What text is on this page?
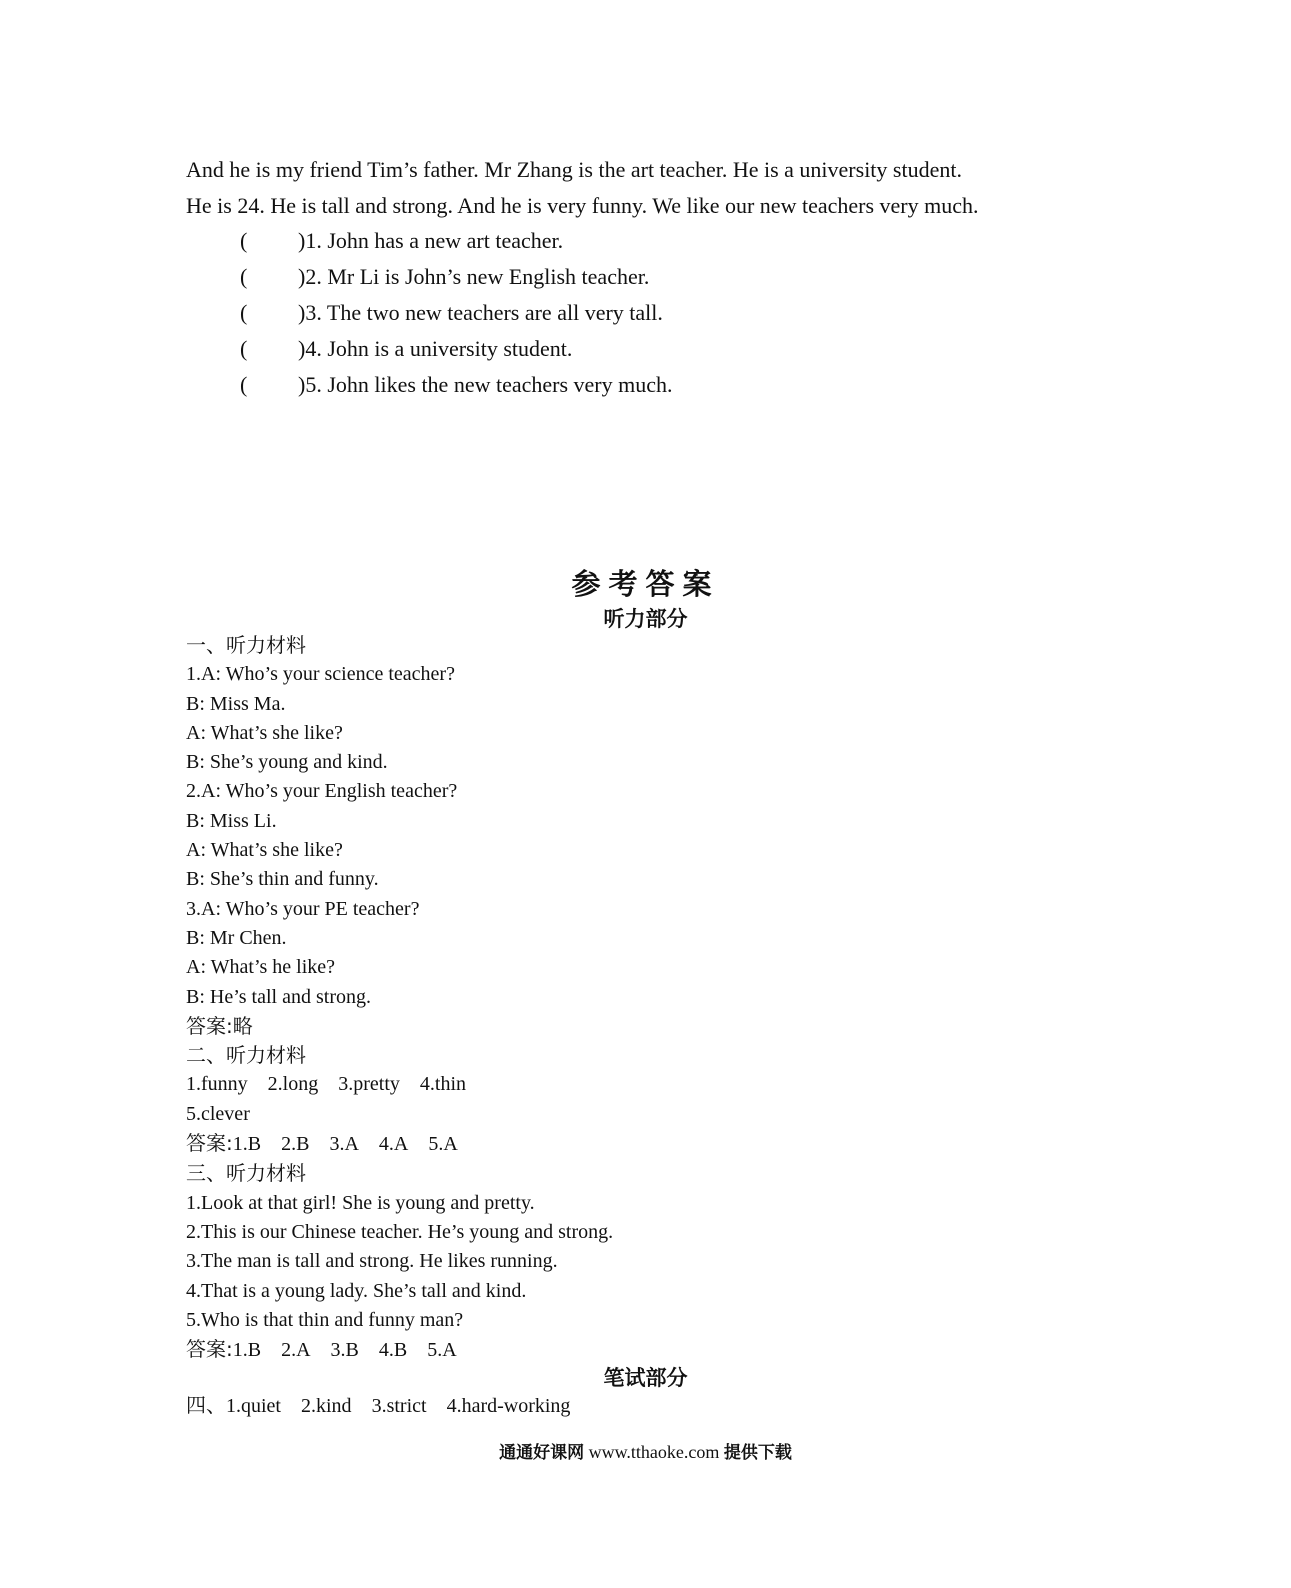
And he is my friend Tim’s father. Mr Zhang is the art teacher. He is a university student.
He is 24. He is tall and strong. And he is very funny. We like our new teachers very much.
( )1. John has a new art teacher.
( )2. Mr Li is John’s new English teacher.
( )3. The two new teachers are all very tall.
( )4. John is a university student.
( )5. John likes the new teachers very much.
参考答案
听力部分
一、听力材料
1.A: Who’s your science teacher?
B: Miss Ma.
A: What’s she like?
B: She’s young and kind.
2.A: Who’s your English teacher?
B: Miss Li.
A: What’s she like?
B: She’s thin and funny.
3.A: Who’s your PE teacher?
B: Mr Chen.
A: What’s he like?
B: He’s tall and strong.
答案:略
二、听力材料
1.funny 2.long 3.pretty 4.thin
5.clever
答案:1.B 2.B 3.A 4.A 5.A
三、听力材料
1.Look at that girl! She is young and pretty.
2.This is our Chinese teacher. He’s young and strong.
3.The man is tall and strong. He likes running.
4.That is a young lady. She’s tall and kind.
5.Who is that thin and funny man?
答案:1.B 2.A 3.B 4.B 5.A
笔试部分
四、1.quiet 2.kind 3.strict 4.hard-working
通通好课网 www.tthaoke.com 提供下载
